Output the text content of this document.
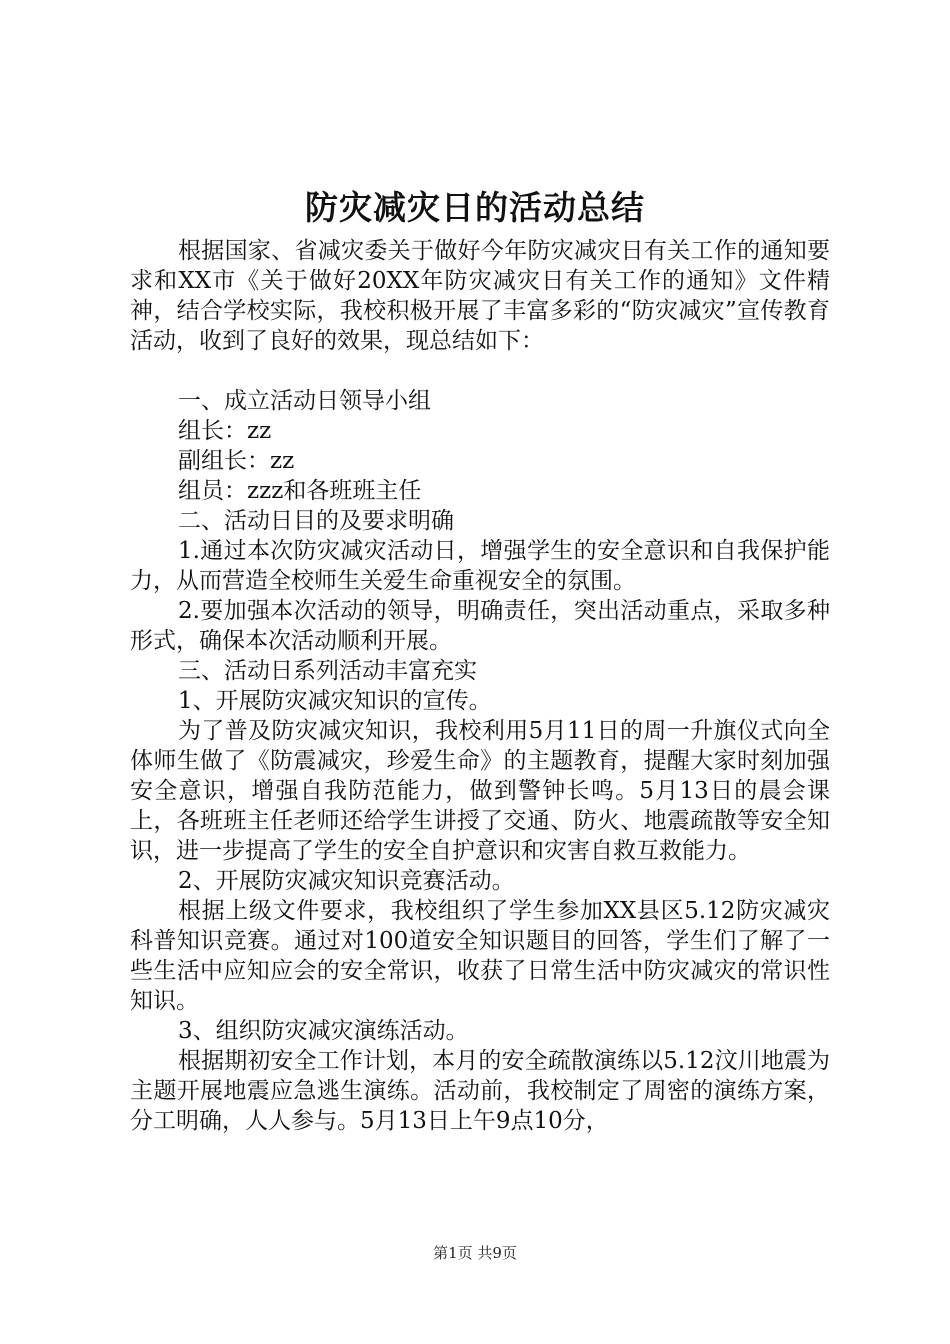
防灾减灾日的活动总结

根据国家、省减灾委关于做好今年防灾减灾日有关工作的通知要求和XX市《关于做好20XX年防灾减灾日有关工作的通知》文件精神，结合学校实际，我校积极开展了丰富多彩的“防灾减灾”宣传教育活动，收到了良好的效果，现总结如下：

一、成立活动日领导小组

组长：zz

副组长：zz

组员：zzz和各班班主任

二、活动日目的及要求明确

1.通过本次防灾减灾活动日，增强学生的安全意识和自我保护能力，从而营造全校师生关爱生命重视安全的氛围。

2.要加强本次活动的领导，明确责任，突出活动重点，采取多种形式，确保本次活动顺利开展。

三、活动日系列活动丰富充实

1、开展防灾减灾知识的宣传。

为了普及防灾减灾知识，我校利用5月11日的周一升旗仪式向全体师生做了《防震减灾，珍爱生命》的主题教育，提醒大家时刻加强安全意识，增强自我防范能力，做到警钟长鸣。5月13日的晨会课上，各班班主任老师还给学生讲授了交通、防火、地震疏散等安全知识，进一步提高了学生的安全自护意识和灾害自救互救能力。

2、开展防灾减灾知识竞赛活动。

根据上级文件要求，我校组织了学生参加XX县区5.12防灾减灾科普知识竞赛。通过对100道安全知识题目的回答，学生们了解了一些生活中应知应会的安全常识，收获了日常生活中防灾减灾的常识性知识。

3、组织防灾减灾演练活动。

根据期初安全工作计划，本月的安全疏散演练以5.12汶川地震为主题开展地震应急逃生演练。活动前，我校制定了周密的演练方案，分工明确，人人参与。5月13日上午9点10分，

第1页 共9页
